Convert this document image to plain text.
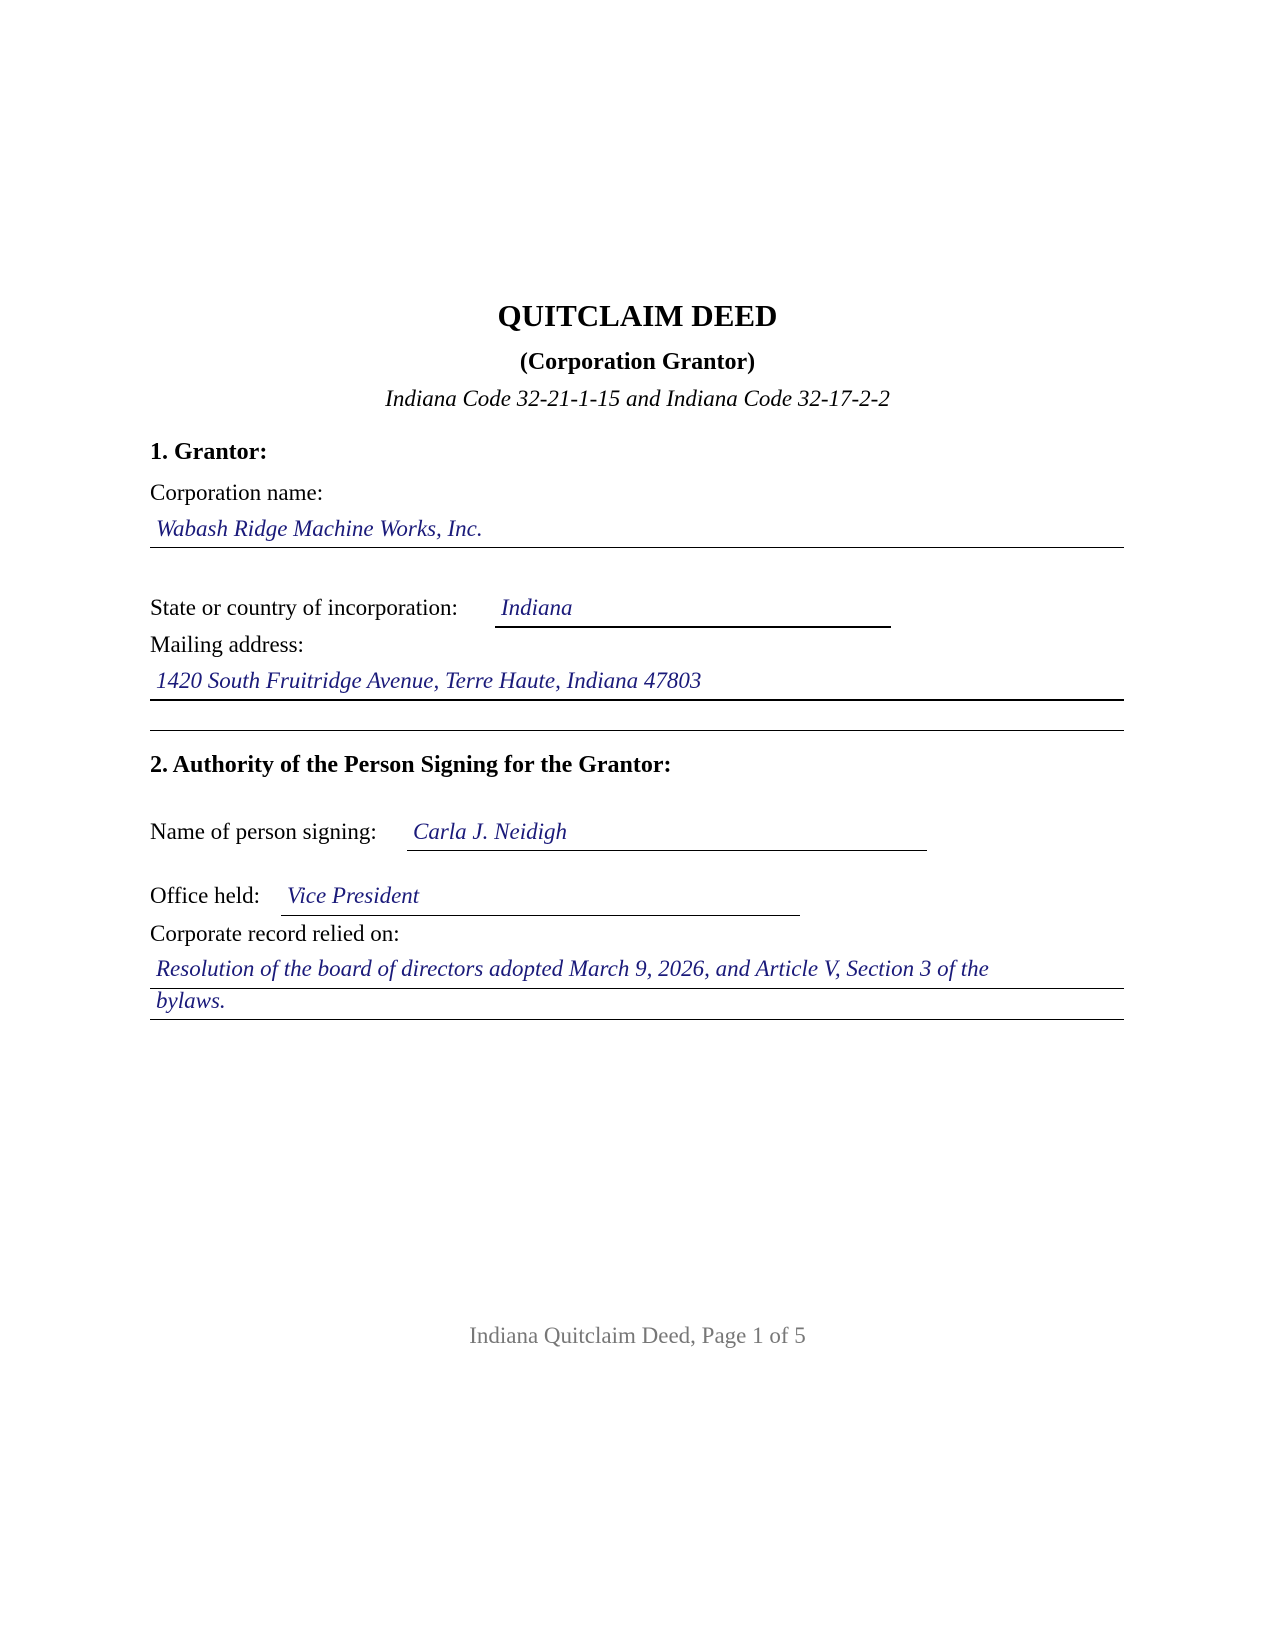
QUITCLAIM DEED
(Corporation Grantor)
Indiana Code 32-21-1-15 and Indiana Code 32-17-2-2
1. Grantor:
Corporation name:
Wabash Ridge Machine Works, Inc.
State or country of incorporation: Indiana
Mailing address:
1420 South Fruitridge Avenue, Terre Haute, Indiana 47803
2. Authority of the Person Signing for the Grantor:
Name of person signing: Carla J. Neidigh
Office held: Vice President
Corporate record relied on:
Resolution of the board of directors adopted March 9, 2026, and Article V, Section 3 of the
bylaws.
Indiana Quitclaim Deed, Page 1 of 5
